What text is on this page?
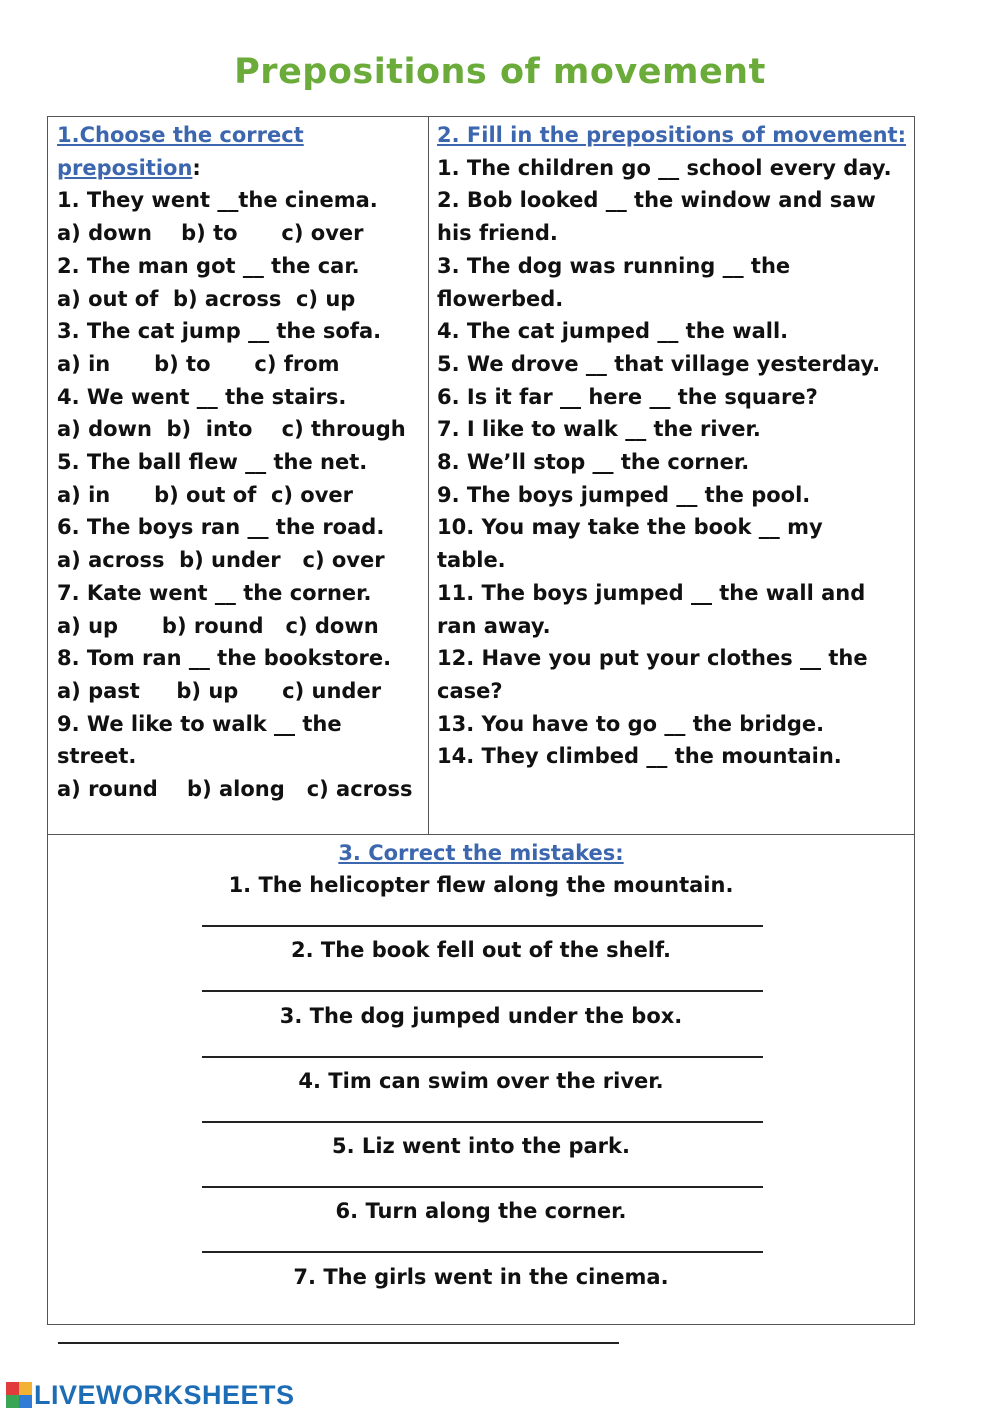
Prepositions of movement
1.Choose the correct
preposition:
1. They went __the cinema.
a) down    b) to      c) over
2. The man got __ the car.
a) out of  b) across  c) up
3. The cat jump __ the sofa.
a) in      b) to      c) from
4. We went __ the stairs.
a) down  b)  into    c) through
5. The ball flew __ the net.
a) in      b) out of  c) over
6. The boys ran __ the road.
a) across  b) under   c) over
7. Kate went __ the corner.
a) up      b) round   c) down
8. Tom ran __ the bookstore.
a) past     b) up      c) under
9. We like to walk __ the
street.
a) round    b) along   c) across
2. Fill in the prepositions of movement:
1. The children go __ school every day.
2. Bob looked __ the window and saw
his friend.
3. The dog was running __ the
flowerbed.
4. The cat jumped __ the wall.
5. We drove __ that village yesterday.
6. Is it far __ here __ the square?
7. I like to walk __ the river.
8. We’ll stop __ the corner.
9. The boys jumped __ the pool.
10. You may take the book __ my
table.
11. The boys jumped __ the wall and
ran away.
12. Have you put your clothes __ the
case?
13. You have to go __ the bridge.
14. They climbed __ the mountain.
3. Correct the mistakes:
1. The helicopter flew along the mountain.
2. The book fell out of the shelf.
3. The dog jumped under the box.
4. Tim can swim over the river.
5. Liz went into the park.
6. Turn along the corner.
7. The girls went in the cinema.
LIVEWORKSHEETS
